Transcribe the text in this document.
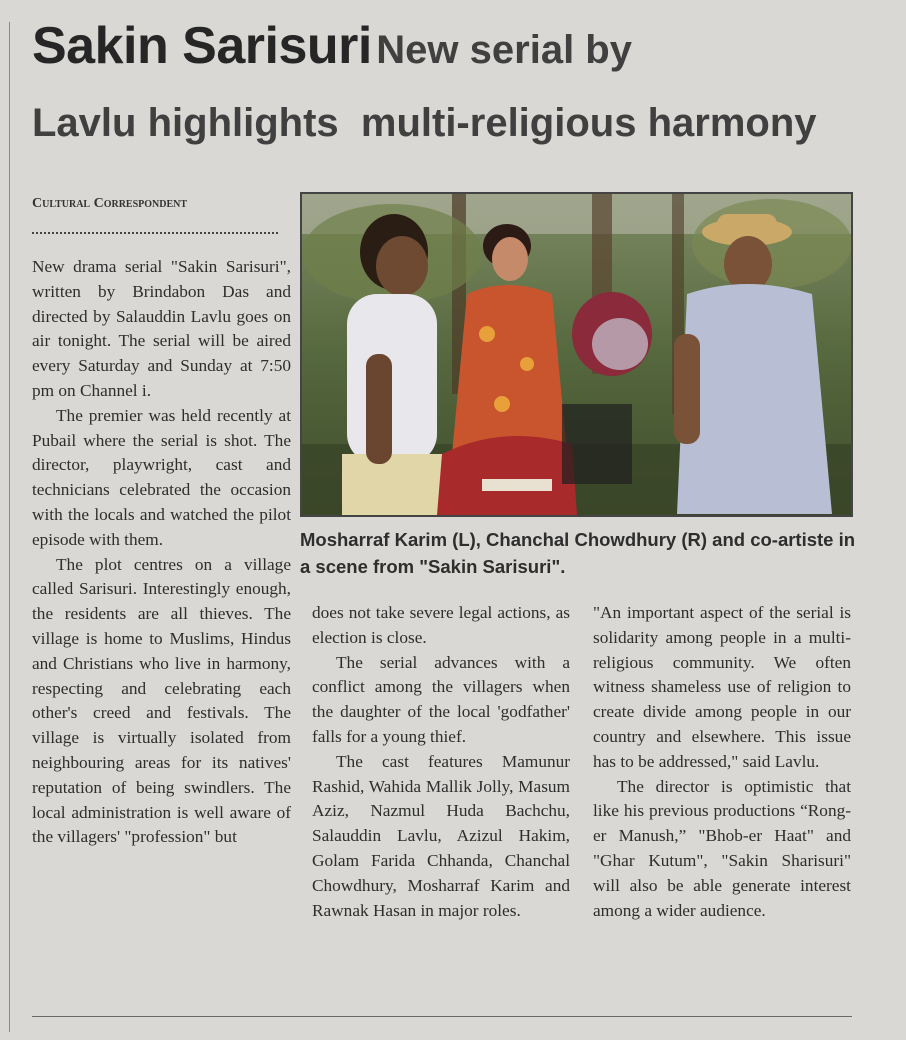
Sakin Sarisuri New serial by
Lavlu highlights  multi-religious harmony
Cultural Correspondent

New drama serial "Sakin Sarisuri", written by Brindabon Das and directed by Salauddin Lavlu goes on air tonight. The serial will be aired every Saturday and Sunday at 7:50 pm on Channel i.

The premier was held recently at Pubail where the serial is shot. The director, playwright, cast and technicians celebrated the occasion with the locals and watched the pilot episode with them.

The plot centres on a village called Sarisuri. Interestingly enough, the residents are all thieves. The village is home to Muslims, Hindus and Christians who live in harmony, respecting and celebrating each other's creed and festivals. The village is virtually isolated from neighbouring areas for its natives' reputation of being swindlers. The local administration is well aware of the villagers' "profession" but

Mosharraf Karim (L), Chanchal Chowdhury (R) and co-artiste in a scene from "Sakin Sarisuri".

does not take severe legal actions, as election is close.

The serial advances with a conflict among the villagers when the daughter of the local 'godfather' falls for a young thief.

The cast features Mamunur Rashid, Wahida Mallik Jolly, Masum Aziz, Nazmul Huda Bachchu, Salauddin Lavlu, Azizul Hakim, Golam Farida Chhanda, Chanchal Chowdhury, Mosharraf Karim and Rawnak Hasan in major roles.

"An important aspect of the serial is solidarity among people in a multi-religious community. We often witness shameless use of religion to create divide among people in our country and elsewhere. This issue has to be addressed," said Lavlu.

The director is optimistic that like his previous productions “Rong-er Manush,” "Bhob-er Haat" and "Ghar Kutum", "Sakin Sharisuri" will also be able generate interest among a wider audience.
